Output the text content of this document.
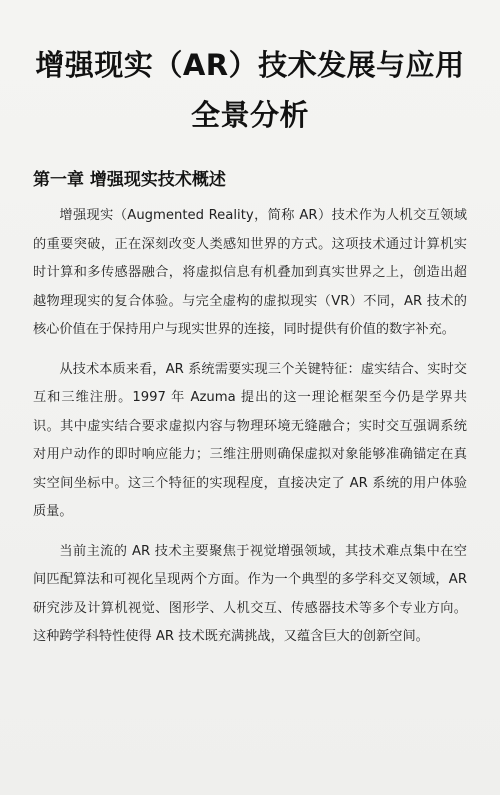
增强现实（AR）技术发展与应用全景分析
第一章 增强现实技术概述

增强现实（Augmented Reality，简称 AR）技术作为人机交互领域的重要突破，正在深刻改变人类感知世界的方式。这项技术通过计算机实时计算和多传感器融合，将虚拟信息有机叠加到真实世界之上，创造出超越物理现实的复合体验。与完全虚构的虚拟现实（VR）不同，AR 技术的核心价值在于保持用户与现实世界的连接，同时提供有价值的数字补充。

从技术本质来看，AR 系统需要实现三个关键特征：虚实结合、实时交互和三维注册。1997 年 Azuma 提出的这一理论框架至今仍是学界共识。其中虚实结合要求虚拟内容与物理环境无缝融合；实时交互强调系统对用户动作的即时响应能力；三维注册则确保虚拟对象能够准确锚定在真实空间坐标中。这三个特征的实现程度，直接决定了 AR 系统的用户体验质量。

当前主流的 AR 技术主要聚焦于视觉增强领域，其技术难点集中在空间匹配算法和可视化呈现两个方面。作为一个典型的多学科交叉领域，AR 研究涉及计算机视觉、图形学、人机交互、传感器技术等多个专业方向。这种跨学科特性使得 AR 技术既充满挑战，又蕴含巨大的创新空间。
